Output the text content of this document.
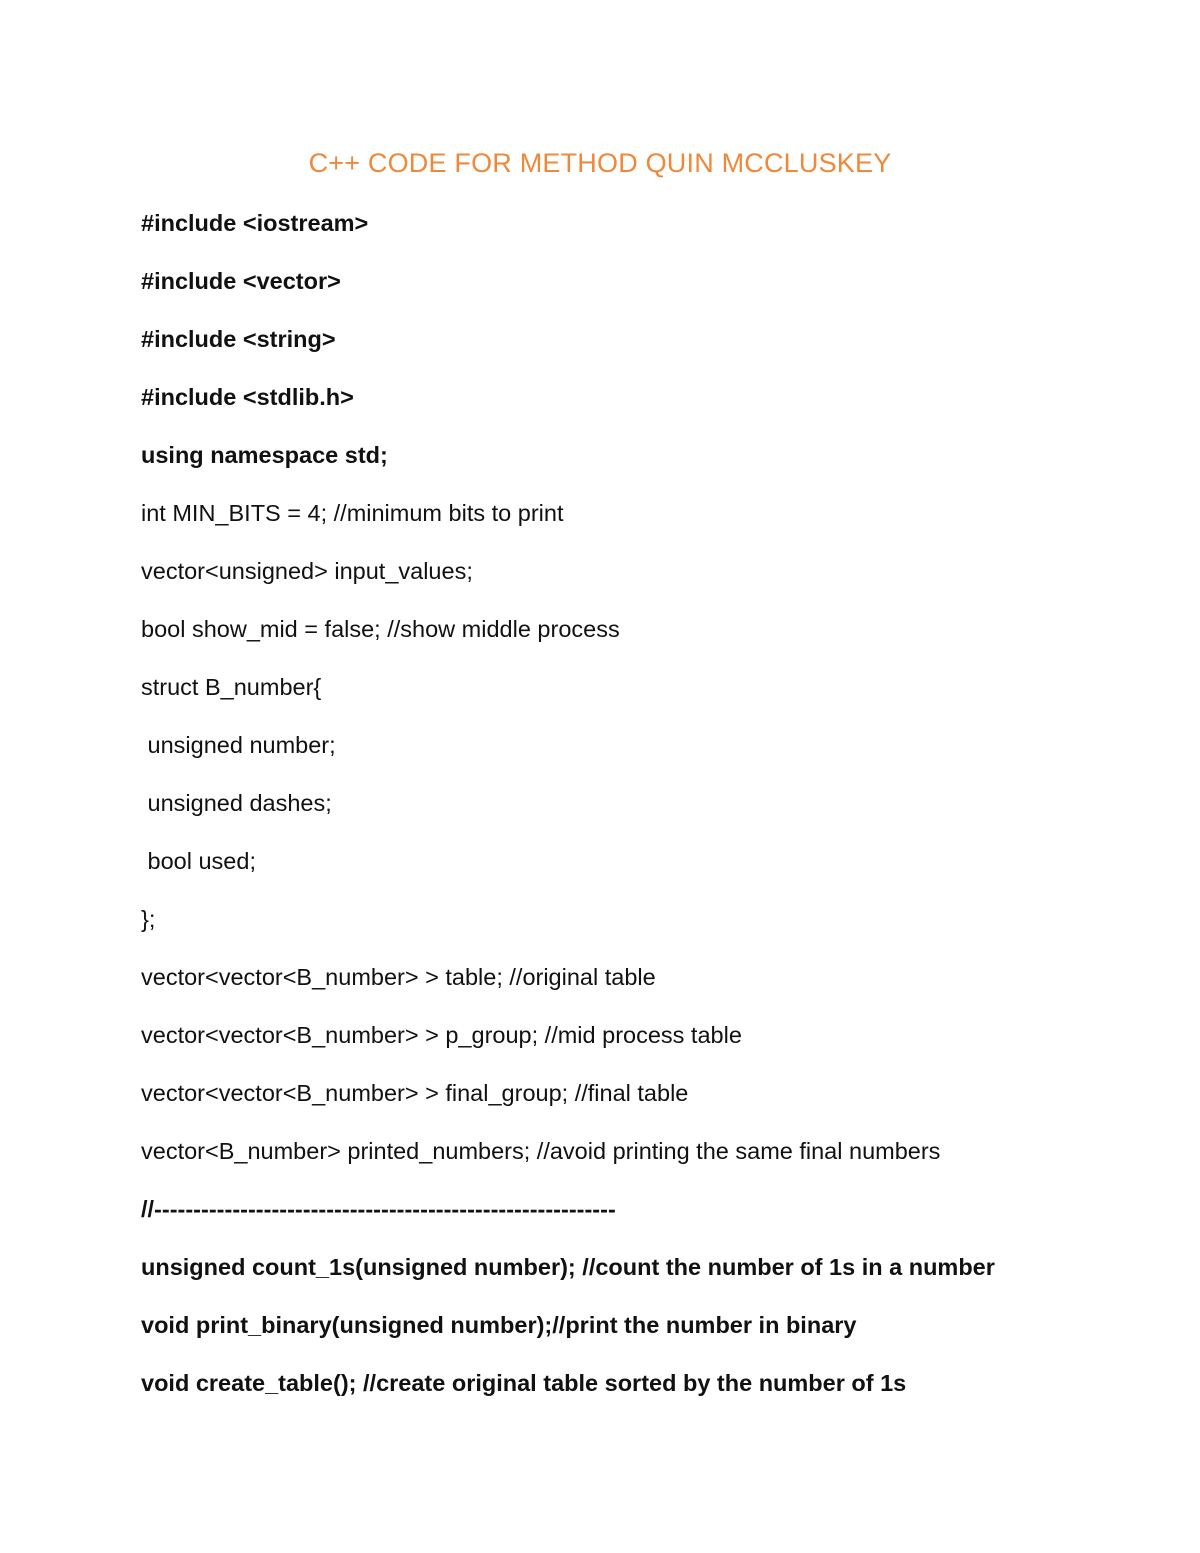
C++ CODE FOR METHOD QUIN MCCLUSKEY
#include <iostream>
#include <vector>
#include <string>
#include <stdlib.h>
using namespace std;
int MIN_BITS = 4; //minimum bits to print
vector<unsigned> input_values;
bool show_mid = false; //show middle process
struct B_number{
unsigned number;
unsigned dashes;
bool used;
};
vector<vector<B_number> > table; //original table
vector<vector<B_number> > p_group; //mid process table
vector<vector<B_number> > final_group; //final table
vector<B_number> printed_numbers; //avoid printing the same final numbers
//-----------------------------------------------------------
unsigned count_1s(unsigned number); //count the number of 1s in a number
void print_binary(unsigned number);//print the number in binary
void create_table(); //create original table sorted by the number of 1s
